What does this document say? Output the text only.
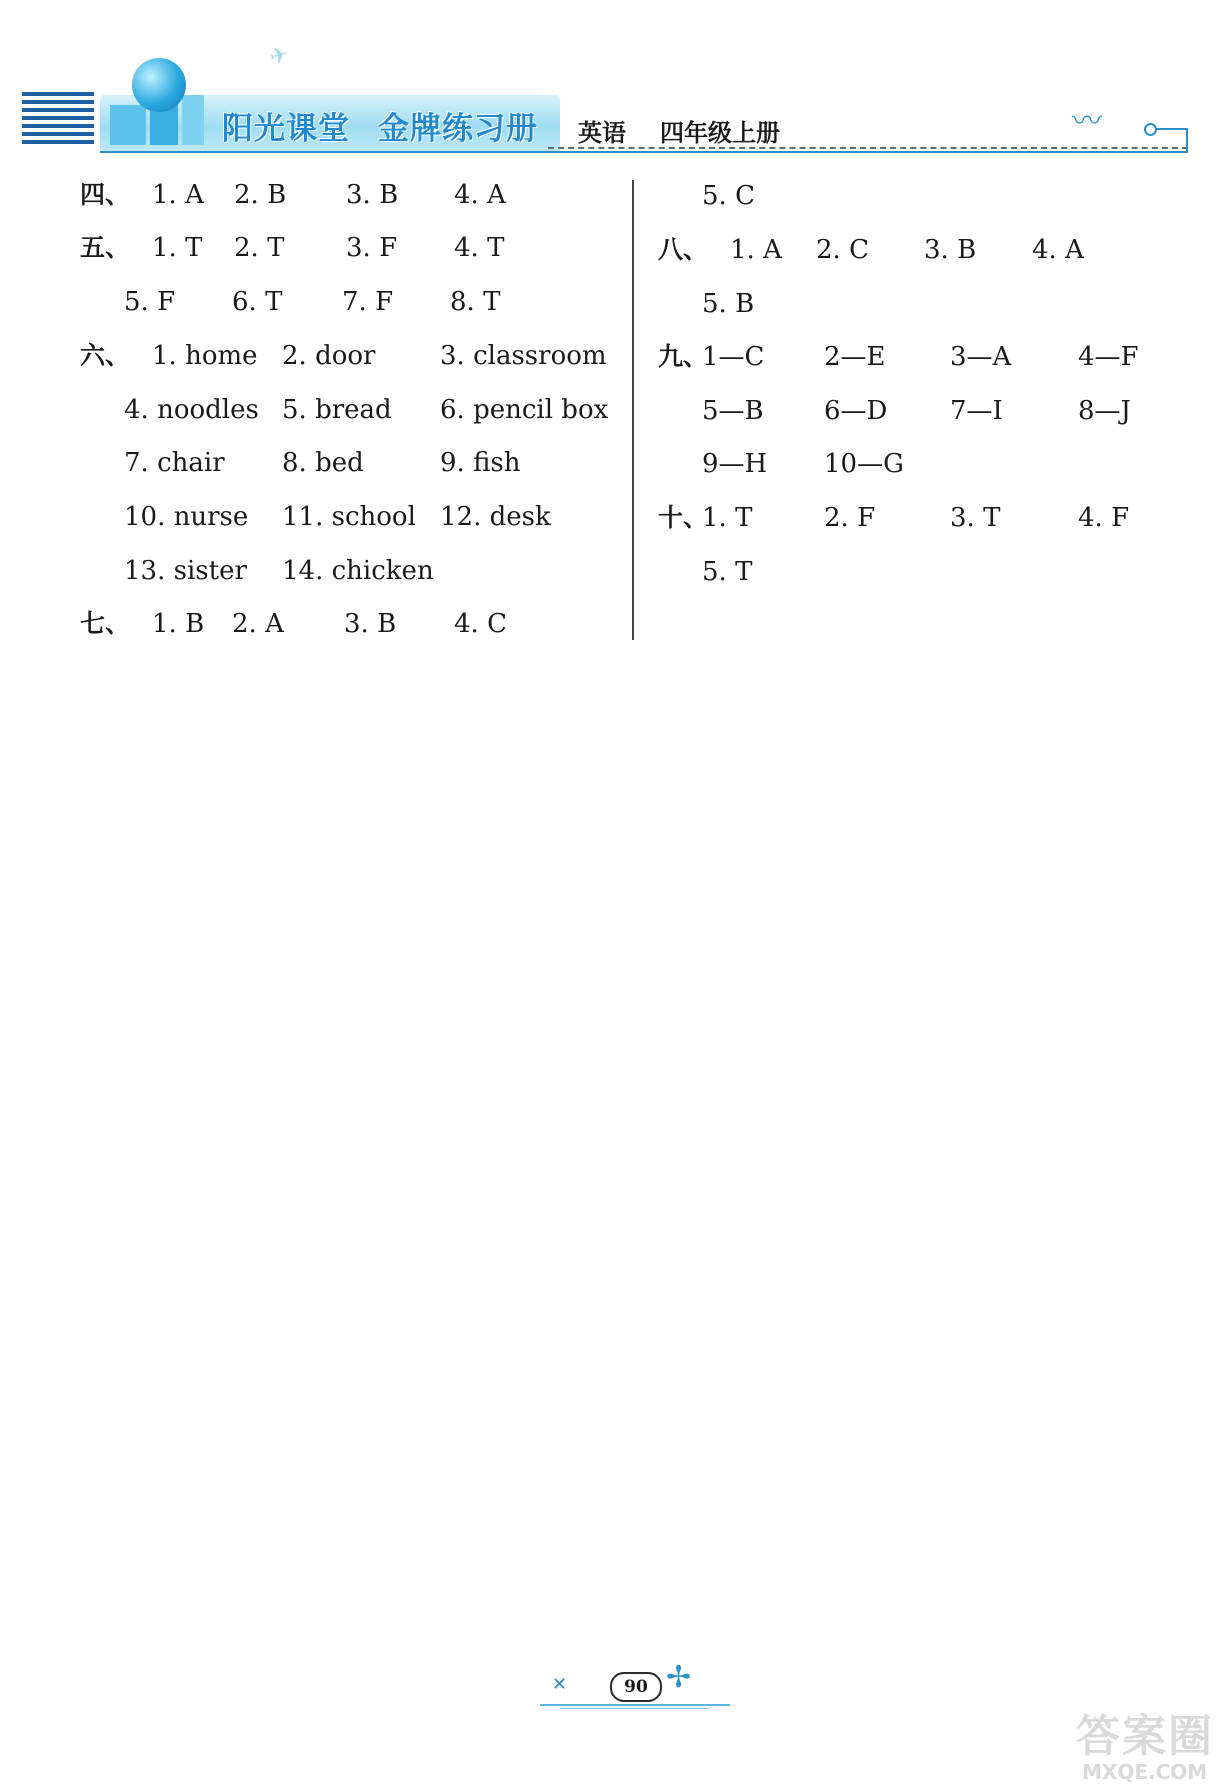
✈
阳光课堂 金牌练习册 英语 四年级上册	〰︎
四、 1. A 2. B 3. B 4. A
五、 1. T 2. T 3. F 4. T
5. F 6. T 7. F 8. T
六、 1. home 2. door 3. classroom
4. noodles 5. bread 6. pencil box
7. chair 8. bed	9. fish
10. nurse 11. school 12. desk
13. sister 14. chicken
七、 1. B 2. A 3. B 4. C
5. C
八、 1. A 2. C 3. B 4. A
5. B
九、
1—C 2—E 3—A	4—F
5—B 6—D 7—I	8—J
9—H 10—G
十、
1. T	2. F	3. T	4. F
5. T
✕	90 ✢
答案圈
MXQE.COM
